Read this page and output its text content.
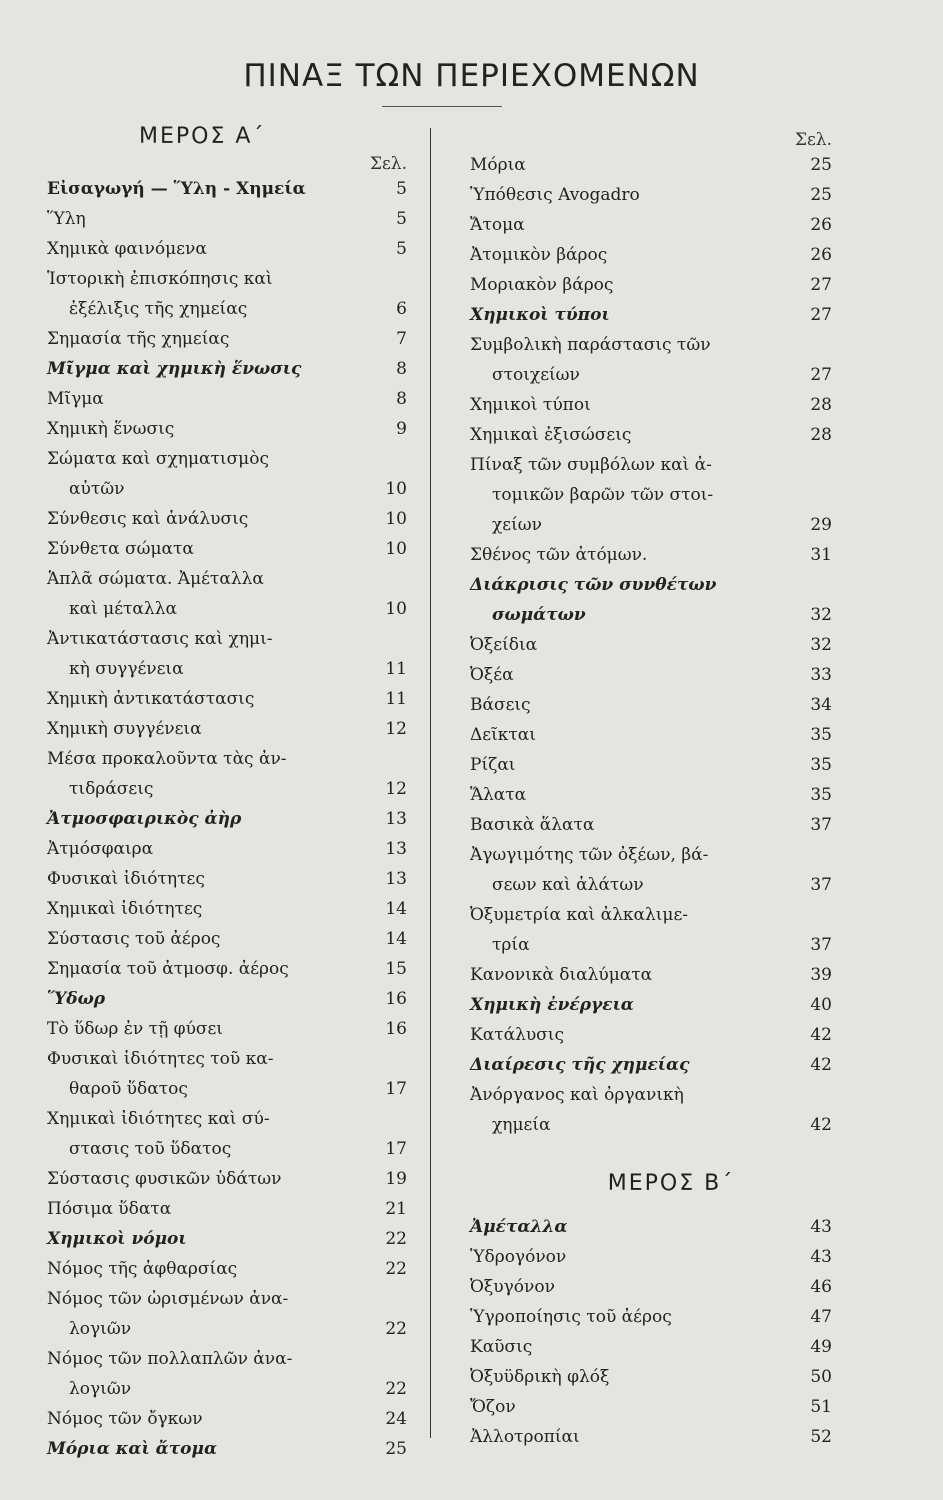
ΠΙΝΑΞ ΤΩΝ ΠΕΡΙΕΧΟΜΕΝΩΝ
ΜΕΡΟΣ Α΄
Σελ.
Εἰσαγωγή — Ὕλη - Χημεία	5
Ὕλη	5
Χημικὰ φαινόμενα	5
Ἱστορικὴ ἐπισκόπησις καὶ
ἐξέλιξις τῆς χημείας	6
Σημασία τῆς χημείας	7
Μῖγμα καὶ χημικὴ ἕνωσις	8
Μῖγμα	8
Χημικὴ ἕνωσις	9
Σώματα καὶ σχηματισμὸς
αὐτῶν	10
Σύνθεσις καὶ ἀνάλυσις	10
Σύνθετα σώματα	10
Ἁπλᾶ σώματα. Ἀμέταλλα
καὶ μέταλλα	10
Ἀντικατάστασις καὶ χημι-
κὴ συγγένεια	11
Χημικὴ ἀντικατάστασις	11
Χημικὴ συγγένεια	12
Μέσα προκαλοῦντα τὰς ἀν-
τιδράσεις	12
Ἀτμοσφαιρικὸς ἀὴρ	13
Ἀτμόσφαιρα	13
Φυσικαὶ ἰδιότητες	13
Χημικαὶ ἰδιότητες	14
Σύστασις τοῦ ἀέρος	14
Σημασία τοῦ ἀτμοσφ. ἀέρος	15
Ὕδωρ	16
Τὸ ὕδωρ ἐν τῇ φύσει	16
Φυσικαὶ ἰδιότητες τοῦ κα-
θαροῦ ὕδατος	17
Χημικαὶ ἰδιότητες καὶ σύ-
στασις τοῦ ὕδατος	17
Σύστασις φυσικῶν ὑδάτων	19
Πόσιμα ὕδατα	21
Χημικοὶ νόμοι	22
Νόμος τῆς ἀφθαρσίας	22
Νόμος τῶν ὡρισμένων ἀνα-
λογιῶν	22
Νόμος τῶν πολλαπλῶν ἀνα-
λογιῶν	22
Νόμος τῶν ὄγκων	24
Μόρια καὶ ἄτομα	25
Σελ.
Μόρια	25
Ὑπόθεσις Avogadro	25
Ἄτομα	26
Ἀτομικὸν βάρος	26
Μοριακὸν βάρος	27
Χημικοὶ τύποι	27
Συμβολικὴ παράστασις τῶν
στοιχείων	27
Χημικοὶ τύποι	28
Χημικαὶ ἐξισώσεις	28
Πίναξ τῶν συμβόλων καὶ ἀ-
τομικῶν βαρῶν τῶν στοι-
χείων	29
Σθένος τῶν ἀτόμων.	31
Διάκρισις τῶν συνθέτων
σωμάτων	32
Ὀξείδια	32
Ὀξέα	33
Βάσεις	34
Δεῖκται	35
Ρίζαι	35
Ἅλατα	35
Βασικὰ ἅλατα	37
Ἀγωγιμότης τῶν ὀξέων, βά-
σεων καὶ ἁλάτων	37
Ὀξυμετρία καὶ ἀλκαλιμε-
τρία	37
Κανονικὰ διαλύματα	39
Χημικὴ ἐνέργεια	40
Κατάλυσις	42
Διαίρεσις τῆς χημείας	42
Ἀνόργανος καὶ ὀργανικὴ
χημεία	42
ΜΕΡΟΣ Β΄
Ἀμέταλλα	43
Ὑδρογόνον	43
Ὀξυγόνον	46
Ὑγροποίησις τοῦ ἀέρος	47
Καῦσις	49
Ὀξυϋδρικὴ φλόξ	50
Ὄζον	51
Ἀλλοτροπίαι	52
